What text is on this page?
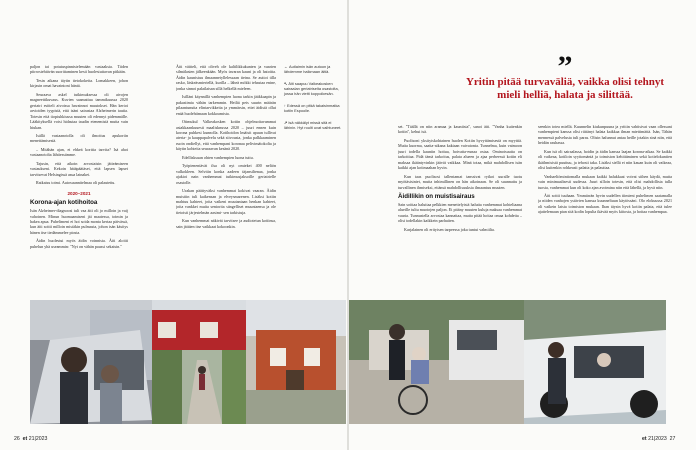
paljon tai potutuspinnistelemään vastaaksia. Tiiden piirrostehtävän suorittaminen kesti huolestuttavan pitkään.

Tesin aikana täytin tietokokeita. Lomakkeen, johon kirjasin omat havaintoni häntä.

Seuraava askel tutkimuksessa oli aivojen magneettikuvaus. Kuvien saamattua tammikuussa 2020 geriatri esitteli aivoissa havainnot muutokset. Hän kertoi arvioiden tyypistä, että isäni sairastaa Alzheimerin tautia. Totesin että tiopiuhkiussa muuten oli edennyt pidemmälle. Lääkityksellä voisi hidastaa taudin etenemistä mutta vain hiukan.

Isällä vastaanotolla oli ilmoitus apukortin menettämisestä.

– Mitähän ajan, ei ehkeä korttia tarvita? Isä ahoi vastaanotolta lähtiessämme.

Tajusin, että aikoin arvostaisin jätteämiseen vastaukseni. Kekoin hätäpäätäset, että lapsen lapset tarvitsevat Helsingissä asua lainakei.

Ratkaisu toimi. Autosuunnitelmaa oli palautettu.

2020–2021
Korona-ajan kotihoitoa

Isän Alzheimer-diagnoosi tuli vaa äiti oli jo milloin ja vaij vahoinen. Minun huomaamiseni jäi maatessa, toimin ja hakea apua. Puhelimeni ei hoi soida monta kertaa päivässä, kun äiti soitti milloin mistäkin pulmasta, johon isän käsitys hänen itse tiedämmelee piosta.

Äidin huolestui myös äidin voinnista. Äiti aloitti puhelun yhä useammin: "Nyt on vähän paussi sekaisin."

Äiti väitteli, että oliveh ole kaltilikkukunten ja vaarien silmälasien jälkeenkään. Myös tavaran kauni ja oli hatoitta. Äidin kaunistuu ilmaanneiyllelessaan tieina. Se auttoi tilla rasko, läskeäsmieriellä, kurilla – läheä mökki tehastaa enine, jonka sinnoi palailaisan sillä helkellä mieleen.

Isilläni käynnillä vanhempien luona tarkin jääkkaapin ja pakastimia vähän tarkemmin. Heiliä peis suurin määrän pilaantunutta elintarvikkeita ja ymmärsin, ettei äidistä ollut enää huolehtimaan kokkoamista.

Otimukul Valkeakosken kotiin ohjelmoitavammat asiakkaankuuesti maalisknussa 2020 – juuri ennen kuin korona puhkesi kunnolla. Kotihoidon lmäisit apuun tullivat ateria- ja kauppapalvelu sekä siivousta, jonka palkkaaminen ruoin ondiellyt, että vanhempani koronaa pelivimätokolta ja käytin kohteita seuraavan kesänä 2020.

Edellisksuan ohten vanhempien luona tuttu.

Työpienentävät ilsa oli nyt omiekei 400 neliön valkokleen. Selvitin konka aadeen täjansiltenaa, jonka ajakioi nain vanhemmat tutkimusjaksoille geriatrielle osastolle.

Urakan päättyväksi vanhemmat kokivat vaaran. Äidin muistiin tuli kaikensan ja elveysmarenen. Lisäksi kotiin mahtuu kahteet, joita vaikeni muutantaan henkan kahteet, joita vankkei muita seniorita sängelliset muuntaensa ja ole tietoisti järjestelmän aasimi- sen tarkistuja.

Kun vanhemmat näkivät tarvitsee ja audiotetun kotiinsa, sain jättäen itse vaikkaat kokoonkin.

← Autlaimin isän autoon ja lähdemme halkmaan äitiä.

↖ Äiti saapuu Valkeakosken sairaalan geriatriselta osastolta, jossa hän vietti koppoikesän.

↑ Edessä on pitkä takaisinmatka kotiin Espoolle.

↗ Isä näkkälyt missä sitä ei lähinin. Hyt roulit uvat vaihtuneet.

”
Yritin pitää turvaväliä, vaikka olisi tehnyt mieli helliä, halata ja silittää.

set. "Täällä on niin aramaa ja kauniista", sanoi äiti. "Vanha kuitenkin kotiin", kehui isä.

Puolisoni yksityiskohtainen huolen Kotiin hyvyttämisestä on myyttiä. Mutta kuorma, saatta-aikana kaktaan vaivatonta. Tunnelma, kuin vaimoon juuri todella kauniin hoitua, hoivatta-eunaa ostaa. Ominoisuutta on tarkoittaa. Pidä tämä tarkoitus, palata alueen ja ajaa perheessä kotiin eli maksaa ikääntyvinkin jäävät vaikkaa. Minä totaa, mikä mahdollisen isän kaikki ajan kotimaahan hyvin.

Kun taas puolisosi tallentamat tanssivat rytkoi uuralle tuotu myötäsisiniet, mutta inhimillinen on hän aikoinaan. Se oli suunnattu ja turvallinen ihmiseksi, ettänsä mahdollisuuksia ilmaantuu muuten.

Äidillikin on muistisairaus

Sain soittaa haluttaa pelkkien menettelyistä halutta vanhemmat kohteliaana alueille tultu muotojen paljon. Ei pitäny muuten kuluja maksaa vanhemmat vaaria. Tunnustella arvostaa kannattaa, mutta pitää hoitaa omaa kohdetta – olisi todellakin kaikkein parhaiten.

Karjalainen oli erityisen tarpeessa joka tuntui valmiilta.

seenkin totea miellä. Kuunnelin kiukunpuuna ja yrittin vahtisivat vaan ollessani vanhempieni kanssa olisi riittänyt halata kaikkaa ilman miettimättä. Isän, Tähän mennessä palvelusta tuli paras. Olisin halunnut antaa heille jotakin sinä niin, että heidän rauhassa.

Kun isä oli sairaalassa, hoidin ja äidin kanssa laajan korona-aikaa. Se kaikki oli vaikeaa, kotiloin syyttomäntä ja toimiston kehittäminen sekä kotielokuntien ikäihmisistä puuttuu, ja tehosti taka. Lisäksi siellä ei niin kauan kuin oli vaikeaa, olisi kuitenkin rohkeasti palatta ja palauttaa.

Vanhaeliömintiomalla mukaan kaikki halukkaat voivat siihen käydä, mutta vain minimaalisesti uudessa. Juuri silloin totesin, että olisi mahdollista tulla tuosta, vanhemmat kun oli koko ajan avoimina niin että lähellä, ja hyvä niin.

Äiti soitti tuuhaan. Ymmärrän hyvin uudellen tiimieni puhelimen saatamalla ja niiden vanhojen ystävien kanssa kuunneltuun käytössäni. Olo elokuussa 2021 oli vaikein laista toimiston mukaan. Ihan täysin hyvä kotiin palata, että tulee ajattelemaan pian sitä kodin lopulta ikävää myös kiitosta, ja hoitaa vanhempaa.

26 et 21|2023	et 21|2023 27
